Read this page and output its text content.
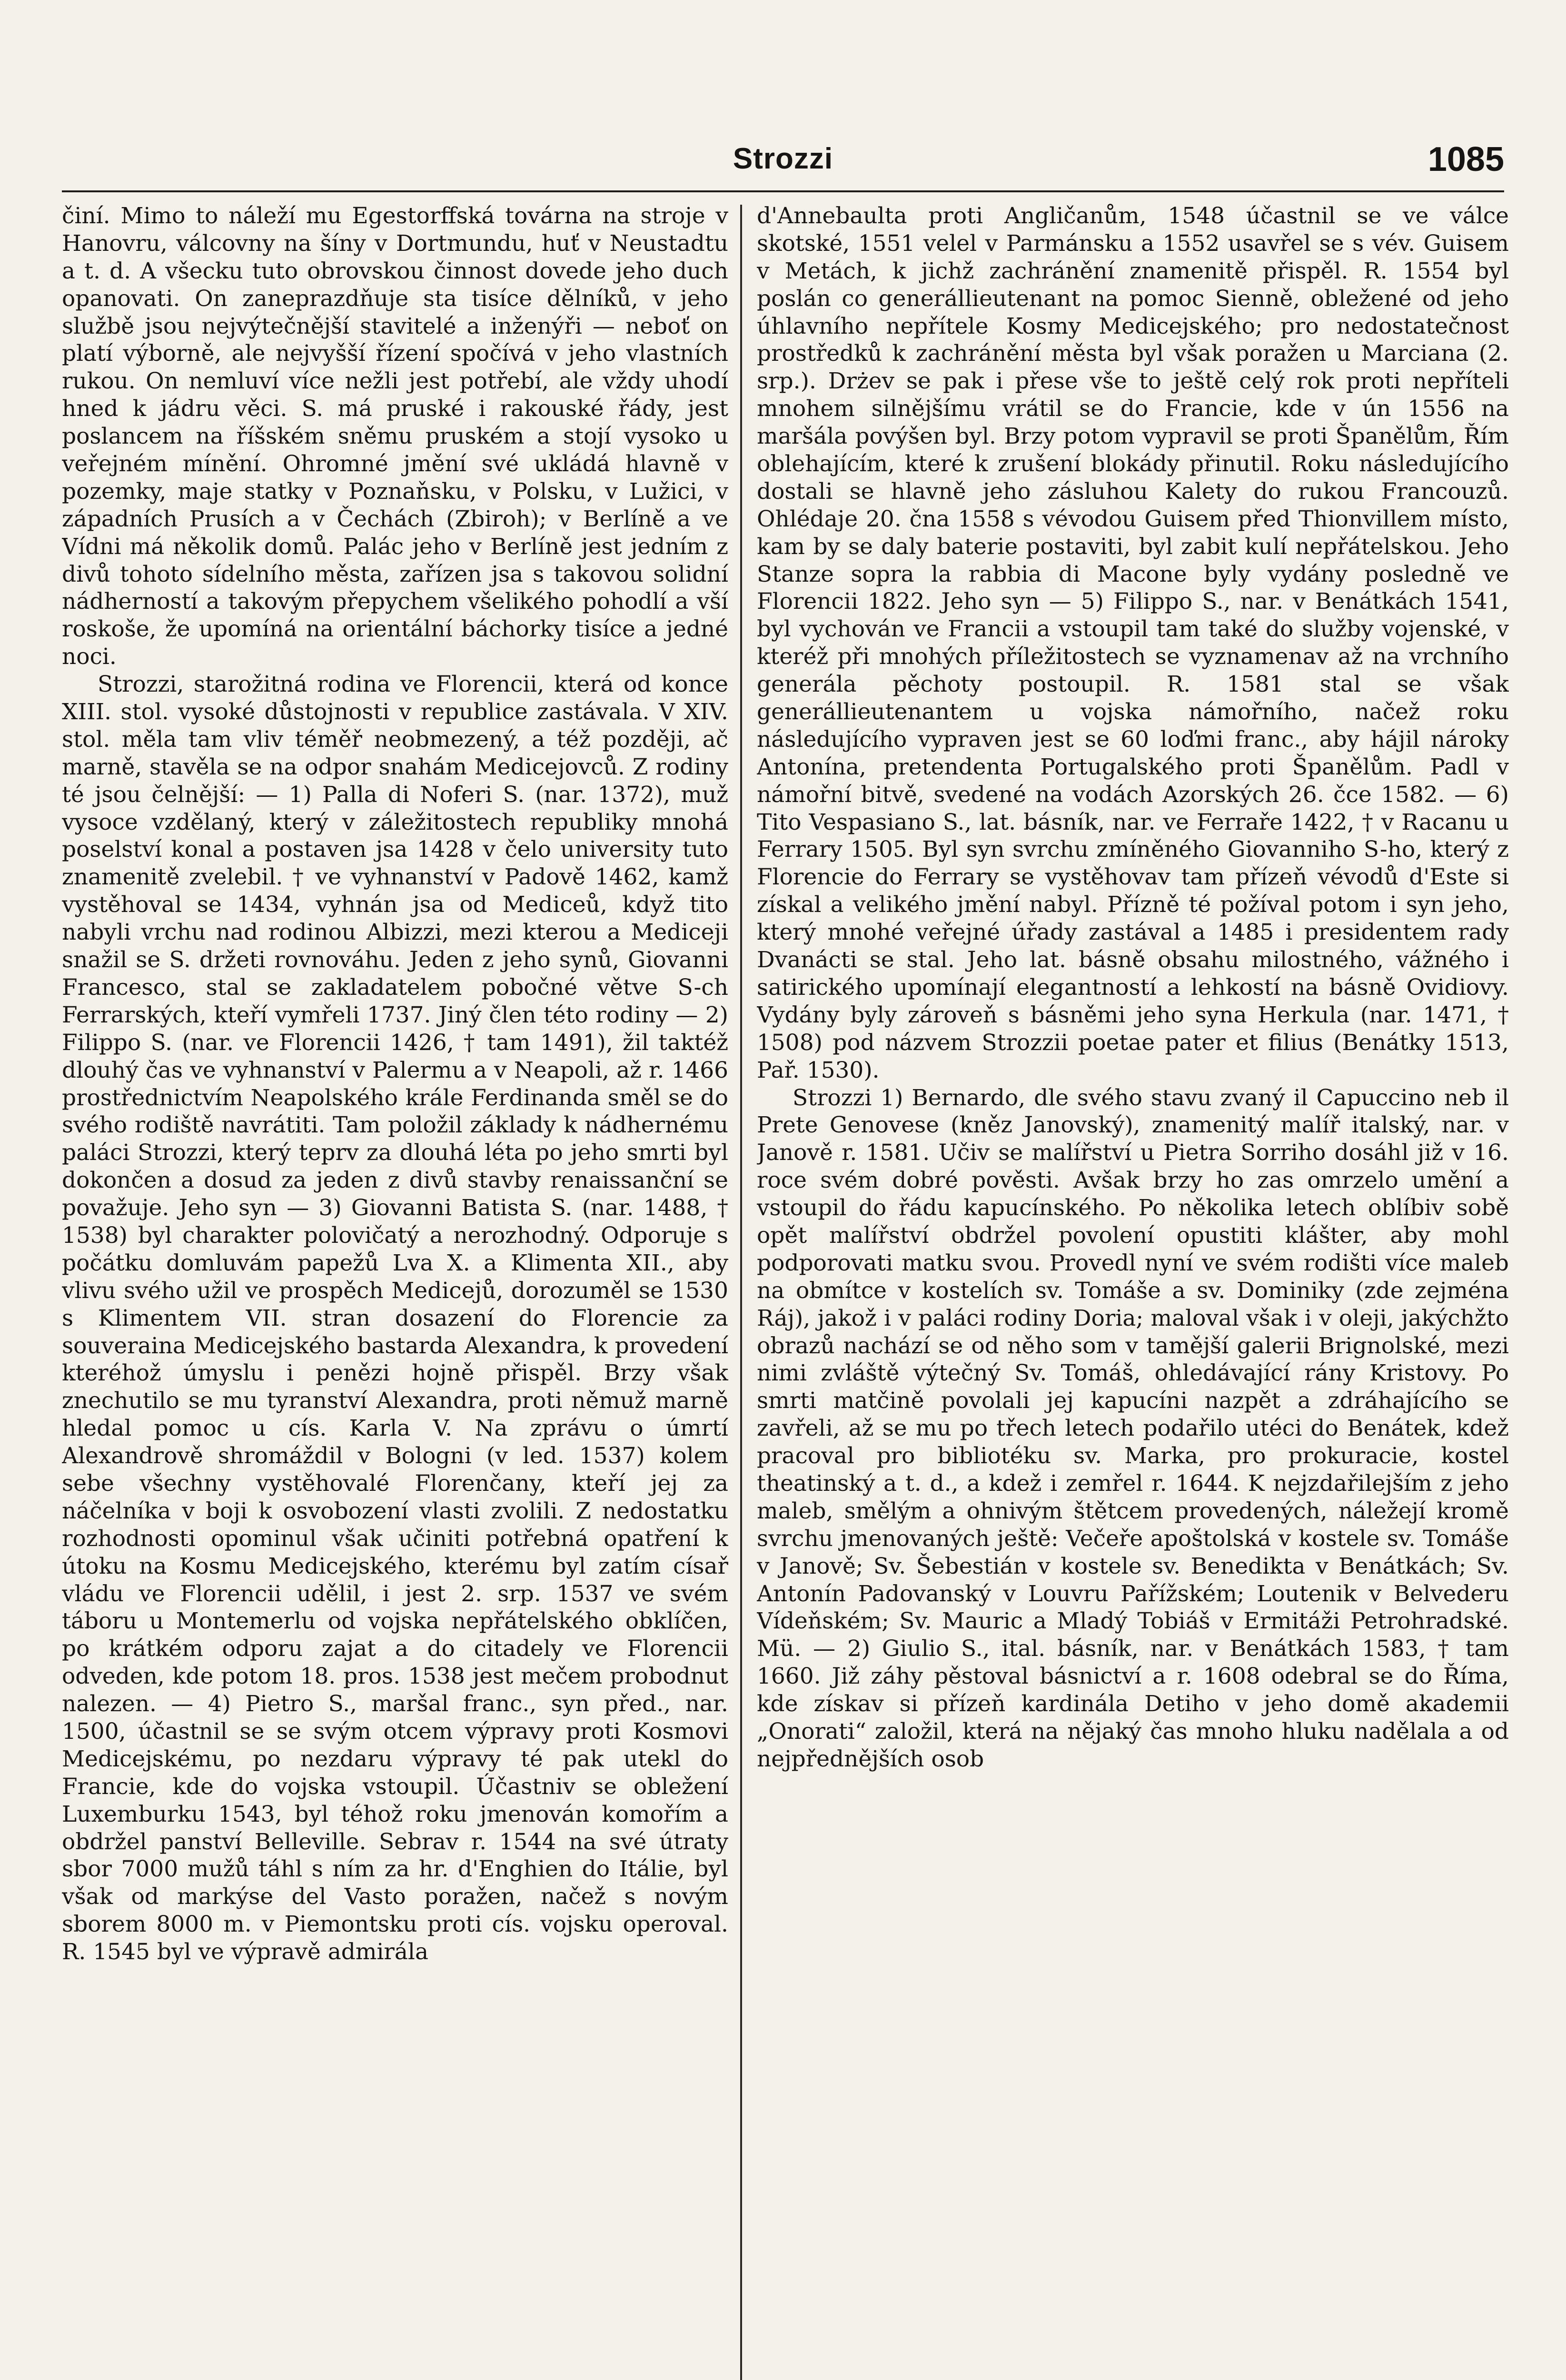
Strozzi	1085

činí. Mimo to náleží mu Egestorffská továrna na stroje v Hanovru, válcovny na šíny v Dortmundu, huť v Neustadtu a t. d. A všecku tuto obrovskou činnost dovede jeho duch opanovati. On zaneprazdňuje sta tisíce dělníků, v jeho službě jsou nejvýtečnější stavitelé a inženýři — neboť on platí výborně, ale nejvyšší řízení spočívá v jeho vlastních rukou. On nemluví více nežli jest potřebí, ale vždy uhodí hned k jádru věci. S. má pruské i rakouské řády, jest poslancem na říšském sněmu pruském a stojí vysoko u veřejném mínění. Ohromné jmění své ukládá hlavně v pozemky, maje statky v Poznaňsku, v Polsku, v Lužici, v západních Prusích a v Čechách (Zbiroh); v Berlíně a ve Vídni má několik domů. Palác jeho v Berlíně jest jedním z divů tohoto sídelního města, zařízen jsa s takovou solidní nádherností a takovým přepychem všelikého pohodlí a vší roskoše, že upomíná na orientální báchorky tisíce a jedné noci.

Strozzi, starožitná rodina ve Florencii, která od konce XIII. stol. vysoké důstojnosti v republice zastávala. V XIV. stol. měla tam vliv téměř neobmezený, a též později, ač marně, stavěla se na odpor snahám Medicejovců. Z rodiny té jsou čelnější: — 1) Palla di Noferi S. (nar. 1372), muž vysoce vzdělaný, který v záležitostech republiky mnohá poselství konal a postaven jsa 1428 v čelo university tuto znamenitě zvelebil. † ve vyhnanství v Padově 1462, kamž vystěhoval se 1434, vyhnán jsa od Mediceů, když tito nabyli vrchu nad rodinou Albizzi, mezi kterou a Mediceji snažil se S. držeti rovnováhu. Jeden z jeho synů, Giovanni Francesco, stal se zakladatelem pobočné větve S-ch Ferrarských, kteří vymřeli 1737. Jiný člen této rodiny — 2) Filippo S. (nar. ve Florencii 1426, † tam 1491), žil taktéž dlouhý čas ve vyhnanství v Palermu a v Neapoli, až r. 1466 prostřednictvím Neapolského krále Ferdinanda směl se do svého rodiště navrátiti. Tam položil základy k nádhernému paláci Strozzi, který teprv za dlouhá léta po jeho smrti byl dokončen a dosud za jeden z divů stavby renaissanční se považuje. Jeho syn — 3) Giovanni Batista S. (nar. 1488, † 1538) byl charakter polovičatý a nerozhodný. Odporuje s počátku domluvám papežů Lva X. a Klimenta XII., aby vlivu svého užil ve prospěch Medicejů, dorozuměl se 1530 s Klimentem VII. stran dosazení do Florencie za souveraina Medicejského bastarda Alexandra, k provedení kteréhož úmyslu i penězi hojně přispěl. Brzy však znechutilo se mu tyranství Alexandra, proti němuž marně hledal pomoc u cís. Karla V. Na zprávu o úmrtí Alexandrově shromáždil v Bologni (v led. 1537) kolem sebe všechny vystěhovalé Florenčany, kteří jej za náčelníka v boji k osvobození vlasti zvolili. Z nedostatku rozhodnosti opominul však učiniti potřebná opatření k útoku na Kosmu Medicejského, kterému byl zatím císař vládu ve Florencii udělil, i jest 2. srp. 1537 ve svém táboru u Montemerlu od vojska nepřátelského obklíčen, po krátkém odporu zajat a do citadely ve Florencii odveden, kde potom 18. pros. 1538 jest mečem probodnut nalezen. — 4) Pietro S., maršal franc., syn před., nar. 1500, účastnil se se svým otcem výpravy proti Kosmovi Medicejskému, po nezdaru výpravy té pak utekl do Francie, kde do vojska vstoupil. Účastniv se obležení Luxemburku 1543, byl téhož roku jmenován komořím a obdržel panství Belleville. Sebrav r. 1544 na své útraty sbor 7000 mužů táhl s ním za hr. d'Enghien do Itálie, byl však od markýse del Vasto poražen, načež s novým sborem 8000 m. v Piemontsku proti cís. vojsku operoval. R. 1545 byl ve výpravě admirála

d'Annebaulta proti Angličanům, 1548 účastnil se ve válce skotské, 1551 velel v Parmánsku a 1552 usavřel se s vév. Guisem v Metách, k jichž zachránění znamenitě přispěl. R. 1554 byl poslán co generállieutenant na pomoc Sienně, obležené od jeho úhlavního nepřítele Kosmy Medicejského; pro nedostatečnost prostředků k zachránění města byl však poražen u Marciana (2. srp.). Drżev se pak i přese vše to ještě celý rok proti nepříteli mnohem silnějšímu vrátil se do Francie, kde v ún 1556 na maršála povýšen byl. Brzy potom vypravil se proti Španělům, Řím oblehajícím, které k zrušení blokády přinutil. Roku následujícího dostali se hlavně jeho zásluhou Kalety do rukou Francouzů. Ohlédaje 20. čna 1558 s vévodou Guisem před Thionvillem místo, kam by se daly baterie postaviti, byl zabit kulí nepřátelskou. Jeho Stanze sopra la rabbia di Macone byly vydány posledně ve Florencii 1822. Jeho syn — 5) Filippo S., nar. v Benátkách 1541, byl vychován ve Francii a vstoupil tam také do služby vojenské, v kteréž při mnohých příležitostech se vyznamenav až na vrchního generála pěchoty postoupil. R. 1581 stal se však generállieutenantem u vojska námořního, načež roku následujícího vypraven jest se 60 loďmi franc., aby hájil nároky Antonína, pretendenta Portugalského proti Španělům. Padl v námořní bitvě, svedené na vodách Azorských 26. čce 1582. — 6) Tito Vespasiano S., lat. básník, nar. ve Ferraře 1422, † v Racanu u Ferrary 1505. Byl syn svrchu zmíněného Giovanniho S-ho, který z Florencie do Ferrary se vystěhovav tam přízeň vévodů d'Este si získal a velikého jmění nabyl. Přízně té požíval potom i syn jeho, který mnohé veřejné úřady zastával a 1485 i presidentem rady Dvanácti se stal. Jeho lat. básně obsahu milostného, vážného i satirického upomínají elegantností a lehkostí na básně Ovidiovy. Vydány byly zároveň s básněmi jeho syna Herkula (nar. 1471, † 1508) pod názvem Strozzii poetae pater et filius (Benátky 1513, Pař. 1530).

Strozzi 1) Bernardo, dle svého stavu zvaný il Capuccino neb il Prete Genovese (kněz Janovský), znamenitý malíř italský, nar. v Janově r. 1581. Učiv se malířství u Pietra Sorriho dosáhl již v 16. roce svém dobré pověsti. Avšak brzy ho zas omrzelo umění a vstoupil do řádu kapucínského. Po několika letech oblíbiv sobě opět malířství obdržel povolení opustiti klášter, aby mohl podporovati matku svou. Provedl nyní ve svém rodišti více maleb na obmítce v kostelích sv. Tomáše a sv. Dominiky (zde zejména Ráj), jakož i v paláci rodiny Doria; maloval však i v oleji, jakýchžto obrazů nachází se od něho som v tamější galerii Brignolské, mezi nimi zvláště výtečný Sv. Tomáš, ohledávající rány Kristovy. Po smrti matčině povolali jej kapucíni nazpět a zdráhajícího se zavřeli, až se mu po třech letech podařilo utéci do Benátek, kdež pracoval pro bibliotéku sv. Marka, pro prokuracie, kostel theatinský a t. d., a kdež i zemřel r. 1644. K nejzdařilejším z jeho maleb, smělým a ohnivým štětcem provedených, náležejí kromě svrchu jmenovaných ještě: Večeře apoštolská v kostele sv. Tomáše v Janově; Sv. Šebestián v kostele sv. Benedikta v Benátkách; Sv. Antonín Padovanský v Louvru Pařížském; Loutenik v Belvederu Vídeňském; Sv. Mauric a Mladý Tobiáš v Ermitáži Petrohradské. Mü. — 2) Giulio S., ital. básník, nar. v Benátkách 1583, † tam 1660. Již záhy pěstoval básnictví a r. 1608 odebral se do Říma, kde získav si přízeň kardinála Detiho v jeho domě akademii „Onorati“ založil, která na nějaký čas mnoho hluku nadělala a od nejpřednějších osob
